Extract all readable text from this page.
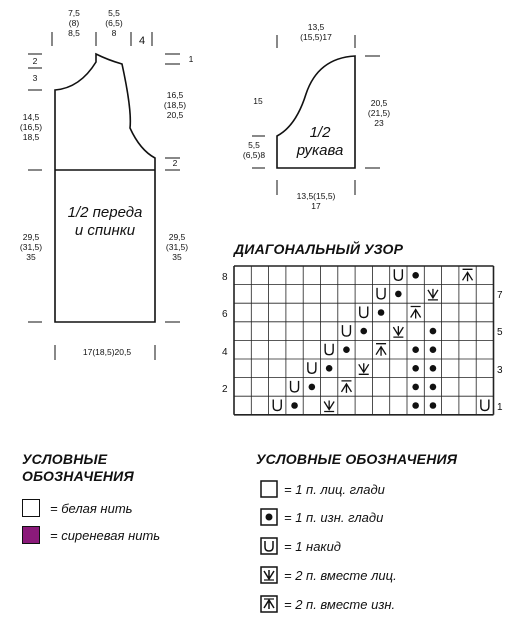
7,5
(8)
8,5
5,5
(6,5)
8
4
2
3
1
14,5
(16,5)
18,5
16,5
(18,5)
20,5
2
29,5
(31,5)
35
29,5
(31,5)
35
17(18,5)20,5
1/2 переда
и спинки
13,5
(15,5)17
15	20,5
(21,5)
23
5,5
(6,5)8
13,5(15,5)
17
1/2
рукава
ДИАГОНАЛЬНЫЙ УЗОР
8
6
4
2
7
5
3
1
УСЛОВНЫЕ
ОБОЗНАЧЕНИЯ
= белая нить
= сиреневая нить
УСЛОВНЫЕ ОБОЗНАЧЕНИЯ
= 1 п. лиц. глади
= 1 п. изн. глади
= 1 накид
= 2 п. вместе лиц.
= 2 п. вместе изн.
